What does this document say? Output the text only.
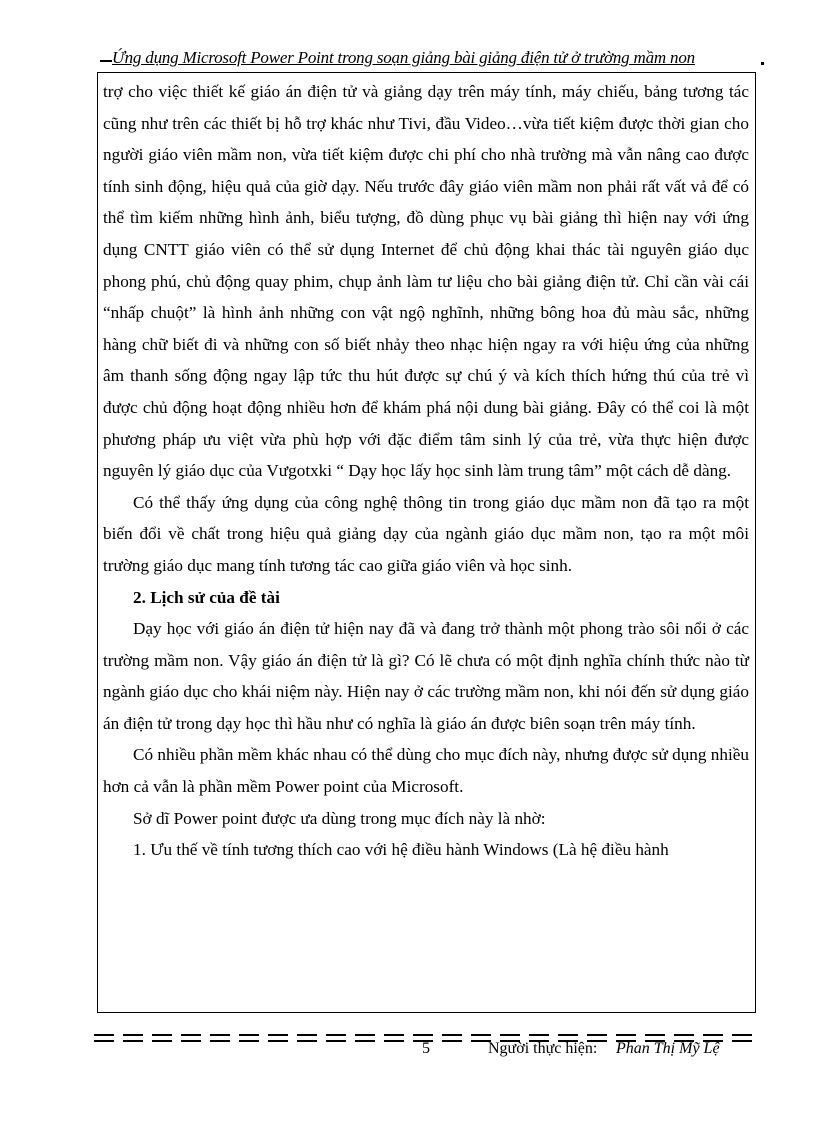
Ứng dụng Microsoft Power Point trong soạn giảng bài giảng điện tử ở trường mầm non

trợ cho việc thiết kế giáo án điện tử và giảng dạy trên máy tính, máy chiếu, bảng tương tác cũng như trên các thiết bị hỗ trợ khác như Tivi, đầu Video…vừa tiết kiệm được thời gian cho người giáo viên mầm non, vừa tiết kiệm được chi phí cho nhà trường mà vẫn nâng cao được tính sinh động, hiệu quả của giờ dạy. Nếu trước đây giáo viên mầm non phải rất vất vả để có thể tìm kiếm những hình ảnh, biểu tượng, đồ dùng phục vụ bài giảng thì hiện nay với ứng dụng CNTT giáo viên có thể sử dụng Internet để chủ động khai thác tài nguyên giáo dục phong phú, chủ động quay phim, chụp ảnh làm tư liệu cho bài giảng điện tử. Chỉ cần vài cái “nhấp chuột” là hình ảnh những con vật ngộ nghĩnh, những bông hoa đủ màu sắc, những hàng chữ biết đi và những con số biết nhảy theo nhạc hiện ngay ra với hiệu ứng của những âm thanh sống động ngay lập tức thu hút được sự chú ý và kích thích hứng thú của trẻ vì được chủ động hoạt động nhiều hơn để khám phá nội dung bài giảng. Đây có thể coi là một phương pháp ưu việt vừa phù hợp với đặc điểm tâm sinh lý của trẻ, vừa thực hiện được nguyên lý giáo dục của Vưgotxki “ Dạy học lấy học sinh làm trung tâm” một cách dễ dàng.

Có thể thấy ứng dụng của công nghệ thông tin trong giáo dục mầm non đã tạo ra một biến đổi về chất trong hiệu quả giảng dạy của ngành giáo dục mầm non, tạo ra một môi trường giáo dục mang tính tương tác cao giữa giáo viên và học sinh.

2. Lịch sử của đề tài

Dạy học với giáo án điện tử hiện nay đã và đang trở thành một phong trào sôi nổi ở các trường mầm non. Vậy giáo án điện tử là gì? Có lẽ chưa có một định nghĩa chính thức nào từ ngành giáo dục cho khái niệm này. Hiện nay ở các trường mầm non, khi nói đến sử dụng giáo án điện tử trong dạy học thì hầu như có nghĩa là giáo án được biên soạn trên máy tính.

Có nhiều phần mềm khác nhau có thể dùng cho mục đích này, nhưng được sử dụng nhiều hơn cả vẫn là phần mềm Power point của Microsoft.

Sở dĩ Power point được ưa dùng trong mục đích này là nhờ:

1. Ưu thế về tính tương thích cao với hệ điều hành Windows (Là hệ điều hành

5	Người thực hiện: Phan Thị Mỹ Lệ
